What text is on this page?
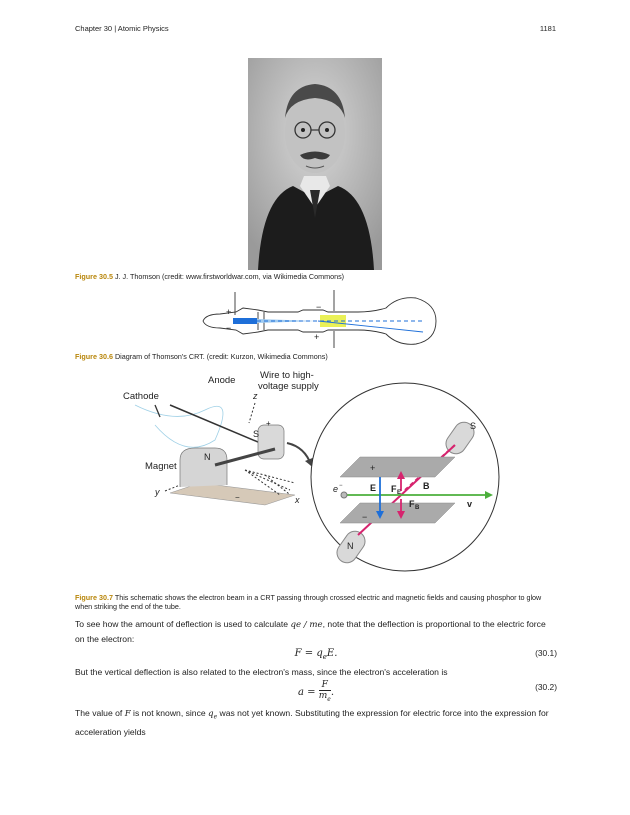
Chapter 30 | Atomic Physics	1181
Figure 30.5 J. J. Thomson (credit: www.firstworldwar.com, via Wikimedia Commons)
+
−
−
+
Figure 30.6 Diagram of Thomson's CRT. (credit: Kurzon, Wikimedia Commons)
Anode	Wire to high-
voltage supply
Cathode
Magnet
z
y
x
N
S
+
−
S
N
+
−
e −	E F E
B
F B	v
Figure 30.7 This schematic shows the electron beam in a CRT passing through crossed electric and magnetic fields and causing phosphor to glow when striking the end of the tube.
To see how the amount of deflection is used to calculate qe / me, note that the deflection is proportional to the electric force on the electron:
$F = q_eE$.	(30.1)
But the vertical deflection is also related to the electron's mass, since the electron's acceleration is
$a = \frac{F}{m_e}$ .	(30.2)
The value of F is not known, since $q_e$ was not yet known. Substituting the expression for electric force into the expression for acceleration yields
